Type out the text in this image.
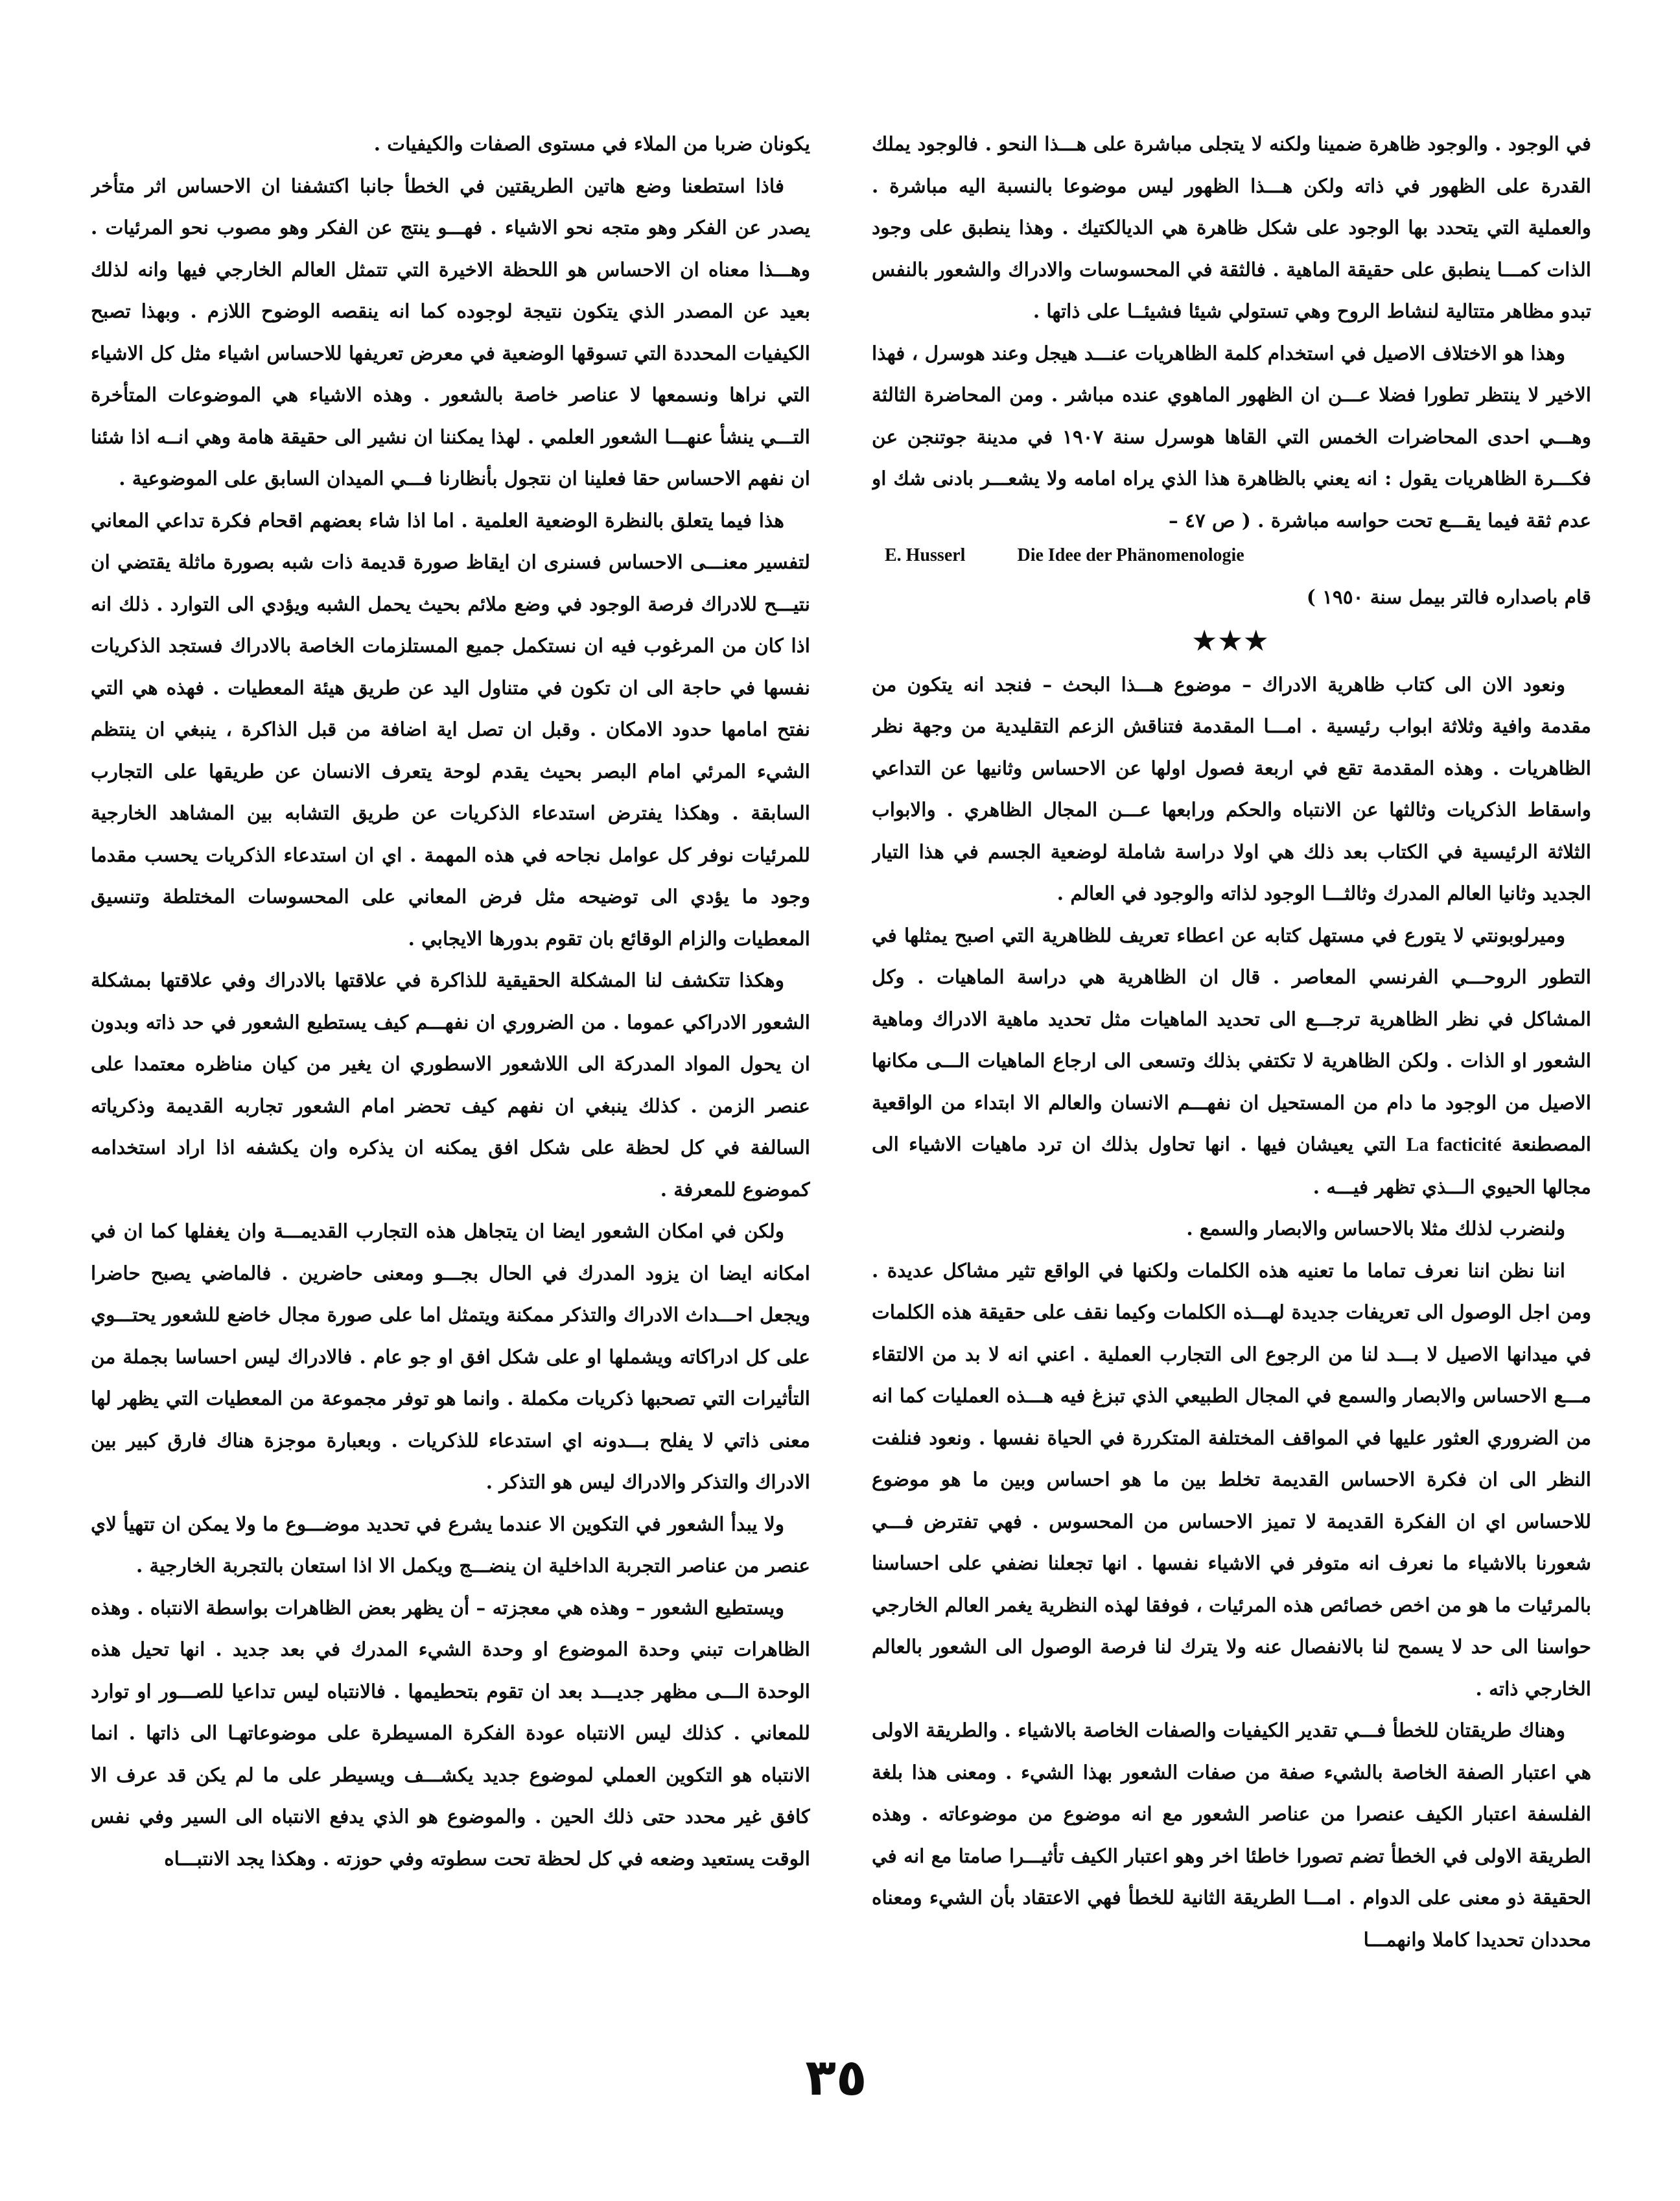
في الوجود . والوجود ظاهرة ضمينا ولكنه لا يتجلى مباشرة على هـــذا النحو . فالوجود يملك القدرة على الظهور في ذاته ولكن هـــذا الظهور ليس موضوعا بالنسبة اليه مباشرة . والعملية التي يتحدد بها الوجود على شكل ظاهرة هي الديالكتيك . وهذا ينطبق على وجود الذات كمـــا ينطبق على حقيقة الماهية . فالثقة في المحسوسات والادراك والشعور بالنفس تبدو مظاهر متتالية لنشاط الروح وهي تستولي شيئا فشيئــا على ذاتها .

وهذا هو الاختلاف الاصيل في استخدام كلمة الظاهريات عنـــد هيجل وعند هوسرل ، فهذا الاخير لا ينتظر تطورا فضلا عـــن ان الظهور الماهوي عنده مباشر . ومن المحاضرة الثالثة وهـــي احدى المحاضرات الخمس التي القاها هوسرل سنة ١٩٠٧ في مدينة جوتنجن عن فكـــرة الظاهريات يقول : انه يعني بالظاهرة هذا الذي يراه امامه ولا يشعـــر بادنى شك او عدم ثقة فيما يقـــع تحت حواسه مباشرة . ( ص ٤٧ –

E. Husserl	Die Idee der Phänomenologie

قام باصداره فالتر بيمل سنة ١٩٥٠ )

★★★

ونعود الان الى كتاب ظاهرية الادراك – موضوع هـــذا البحث – فنجد انه يتكون من مقدمة وافية وثلاثة ابواب رئيسية . امـــا المقدمة فتناقش الزعم التقليدية من وجهة نظر الظاهريات . وهذه المقدمة تقع في اربعة فصول اولها عن الاحساس وثانيها عن التداعي واسقاط الذكريات وثالثها عن الانتباه والحكم ورابعها عـــن المجال الظاهري . والابواب الثلاثة الرئيسية في الكتاب بعد ذلك هي اولا دراسة شاملة لوضعية الجسم في هذا التيار الجديد وثانيا العالم المدرك وثالثـــا الوجود لذاته والوجود في العالم .

وميرلوبونتي لا يتورع في مستهل كتابه عن اعطاء تعريف للظاهرية التي اصبح يمثلها في التطور الروحـــي الفرنسي المعاصر . قال ان الظاهرية هي دراسة الماهيات . وكل المشاكل في نظر الظاهرية ترجـــع الى تحديد الماهيات مثل تحديد ماهية الادراك وماهية الشعور او الذات . ولكن الظاهرية لا تكتفي بذلك وتسعى الى ارجاع الماهيات الـــى مكانها الاصيل من الوجود ما دام من المستحيل ان نفهـــم الانسان والعالم الا ابتداء من الواقعية المصطنعة La facticité التي يعيشان فيها . انها تحاول بذلك ان ترد ماهيات الاشياء الى مجالها الحيوي الـــذي تظهر فيـــه .

ولنضرب لذلك مثلا بالاحساس والابصار والسمع .

اننا نظن اننا نعرف تماما ما تعنيه هذه الكلمات ولكنها في الواقع تثير مشاكل عديدة . ومن اجل الوصول الى تعريفات جديدة لهـــذه الكلمات وكيما نقف على حقيقة هذه الكلمات في ميدانها الاصيل لا بـــد لنا من الرجوع الى التجارب العملية . اعني انه لا بد من الالتقاء مـــع الاحساس والابصار والسمع في المجال الطبيعي الذي تبزغ فيه هـــذه العمليات كما انه من الضروري العثور عليها في المواقف المختلفة المتكررة في الحياة نفسها . ونعود فنلفت النظر الى ان فكرة الاحساس القديمة تخلط بين ما هو احساس وبين ما هو موضوع للاحساس اي ان الفكرة القديمة لا تميز الاحساس من المحسوس . فهي تفترض فـــي شعورنا بالاشياء ما نعرف انه متوفر في الاشياء نفسها . انها تجعلنا نضفي على احساسنا بالمرئيات ما هو من اخص خصائص هذه المرئيات ، فوفقا لهذه النظرية يغمر العالم الخارجي حواسنا الى حد لا يسمح لنا بالانفصال عنه ولا يترك لنا فرصة الوصول الى الشعور بالعالم الخارجي ذاته .

وهناك طريقتان للخطأ فـــي تقدير الكيفيات والصفات الخاصة بالاشياء . والطريقة الاولى هي اعتبار الصفة الخاصة بالشيء صفة من صفات الشعور بهذا الشيء . ومعنى هذا بلغة الفلسفة اعتبار الكيف عنصرا من عناصر الشعور مع انه موضوع من موضوعاته . وهذه الطريقة الاولى في الخطأ تضم تصورا خاطئا اخر وهو اعتبار الكيف تأثيـــرا صامتا مع انه في الحقيقة ذو معنى على الدوام . امـــا الطريقة الثانية للخطأ فهي الاعتقاد بأن الشيء ومعناه محددان تحديدا كاملا وانهمـــا

يكونان ضربا من الملاء في مستوى الصفات والكيفيات .

فاذا استطعنا وضع هاتين الطريقتين في الخطأ جانبا اكتشفنا ان الاحساس اثر متأخر يصدر عن الفكر وهو متجه نحو الاشياء . فهـــو ينتج عن الفكر وهو مصوب نحو المرئيات . وهـــذا معناه ان الاحساس هو اللحظة الاخيرة التي تتمثل العالم الخارجي فيها وانه لذلك بعيد عن المصدر الذي يتكون نتيجة لوجوده كما انه ينقصه الوضوح اللازم . وبهذا تصبح الكيفيات المحددة التي تسوقها الوضعية في معرض تعريفها للاحساس اشياء مثل كل الاشياء التي نراها ونسمعها لا عناصر خاصة بالشعور . وهذه الاشياء هي الموضوعات المتأخرة التـــي ينشأ عنهـــا الشعور العلمي . لهذا يمكننا ان نشير الى حقيقة هامة وهي انــه اذا شئنا ان نفهم الاحساس حقا فعلينا ان نتجول بأنظارنا فـــي الميدان السابق على الموضوعية .

هذا فيما يتعلق بالنظرة الوضعية العلمية . اما اذا شاء بعضهم اقحام فكرة تداعي المعاني لتفسير معنـــى الاحساس فسنرى ان ايقاظ صورة قديمة ذات شبه بصورة ماثلة يقتضي ان نتيـــح للادراك فرصة الوجود في وضع ملائم بحيث يحمل الشبه ويؤدي الى التوارد . ذلك انه اذا كان من المرغوب فيه ان نستكمل جميع المستلزمات الخاصة بالادراك فستجد الذكريات نفسها في حاجة الى ان تكون في متناول اليد عن طريق هيئة المعطيات . فهذه هي التي نفتح امامها حدود الامكان . وقبل ان تصل اية اضافة من قبل الذاكرة ، ينبغي ان ينتظم الشيء المرئي امام البصر بحيث يقدم لوحة يتعرف الانسان عن طريقها على التجارب السابقة . وهكذا يفترض استدعاء الذكريات عن طريق التشابه بين المشاهد الخارجية للمرئيات نوفر كل عوامل نجاحه في هذه المهمة . اي ان استدعاء الذكريات يحسب مقدما وجود ما يؤدي الى توضيحه مثل فرض المعاني على المحسوسات المختلطة وتنسيق المعطيات والزام الوقائع بان تقوم بدورها الايجابي .

وهكذا تتكشف لنا المشكلة الحقيقية للذاكرة في علاقتها بالادراك وفي علاقتها بمشكلة الشعور الادراكي عموما . من الضروري ان نفهـــم كيف يستطيع الشعور في حد ذاته وبدون ان يحول المواد المدركة الى اللاشعور الاسطوري ان يغير من كيان مناظره معتمدا على عنصر الزمن . كذلك ينبغي ان نفهم كيف تحضر امام الشعور تجاربه القديمة وذكرياته السالفة في كل لحظة على شكل افق يمكنه ان يذكره وان يكشفه اذا اراد استخدامه كموضوع للمعرفة .

ولكن في امكان الشعور ايضا ان يتجاهل هذه التجارب القديمـــة وان يغفلها كما ان في امكانه ايضا ان يزود المدرك في الحال بجـــو ومعنى حاضرين . فالماضي يصبح حاضرا ويجعل احـــداث الادراك والتذكر ممكنة ويتمثل اما على صورة مجال خاضع للشعور يحتـــوي على كل ادراكاته ويشملها او على شكل افق او جو عام . فالادراك ليس احساسا بجملة من التأثيرات التي تصحبها ذكريات مكملة . وانما هو توفر مجموعة من المعطيات التي يظهر لها معنى ذاتي لا يفلح بـــدونه اي استدعاء للذكريات . وبعبارة موجزة هناك فارق كبير بين الادراك والتذكر والادراك ليس هو التذكر .

ولا يبدأ الشعور في التكوين الا عندما يشرع في تحديد موضـــوع ما ولا يمكن ان تتهيأ لاي عنصر من عناصر التجربة الداخلية ان ينضـــج ويكمل الا اذا استعان بالتجربة الخارجية .

ويستطيع الشعور – وهذه هي معجزته – أن يظهر بعض الظاهرات بواسطة الانتباه . وهذه الظاهرات تبني وحدة الموضوع او وحدة الشيء المدرك في بعد جديد . انها تحيل هذه الوحدة الـــى مظهر جديـــد بعد ان تقوم بتحطيمها . فالانتباه ليس تداعيا للصـــور او توارد للمعاني . كذلك ليس الانتباه عودة الفكرة المسيطرة على موضوعاتهـا الى ذاتها . انما الانتباه هو التكوين العملي لموضوع جديد يكشـــف ويسيطر على ما لم يكن قد عرف الا كافق غير محدد حتى ذلك الحين . والموضوع هو الذي يدفع الانتباه الى السير وفي نفس الوقت يستعيد وضعه في كل لحظة تحت سطوته وفي حوزته . وهكذا يجد الانتبـــاه

٣٥
